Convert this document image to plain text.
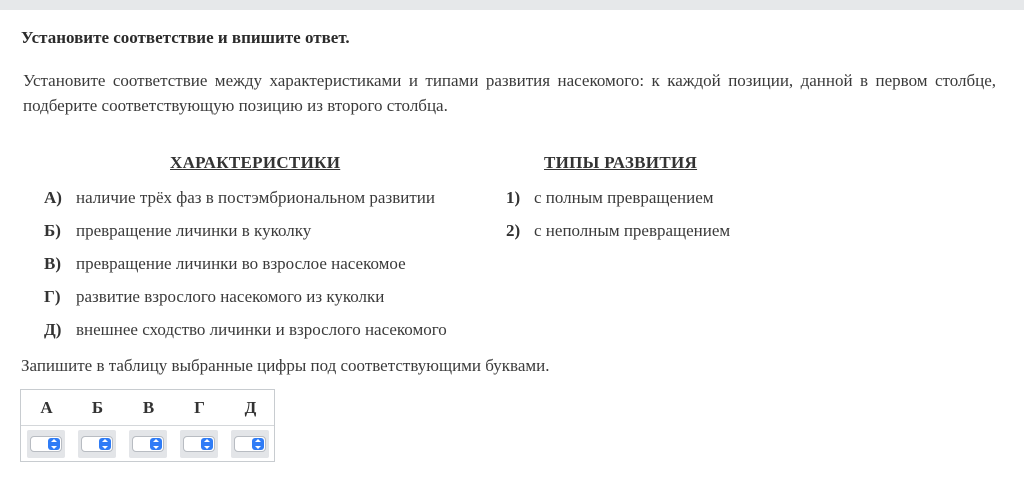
Установите соответствие и впишите ответ.
Установите соответствие между характеристиками и типами развития насекомого: к каждой позиции, данной в первом столбце, подберите соответствующую позицию из второго столбца.
ХАРАКТЕРИСТИКИ	ТИПЫ РАЗВИТИЯ
А) наличие трёх фаз в постэмбриональном развитии
Б) превращение личинки в куколку
В) превращение личинки во взрослое насекомое
Г) развитие взрослого насекомого из куколки
Д) внешнее сходство личинки и взрослого насекомого
1) с полным превращением
2) с неполным превращением
Запишите в таблицу выбранные цифры под соответствующими буквами.
А	Б	В	Г	Д
